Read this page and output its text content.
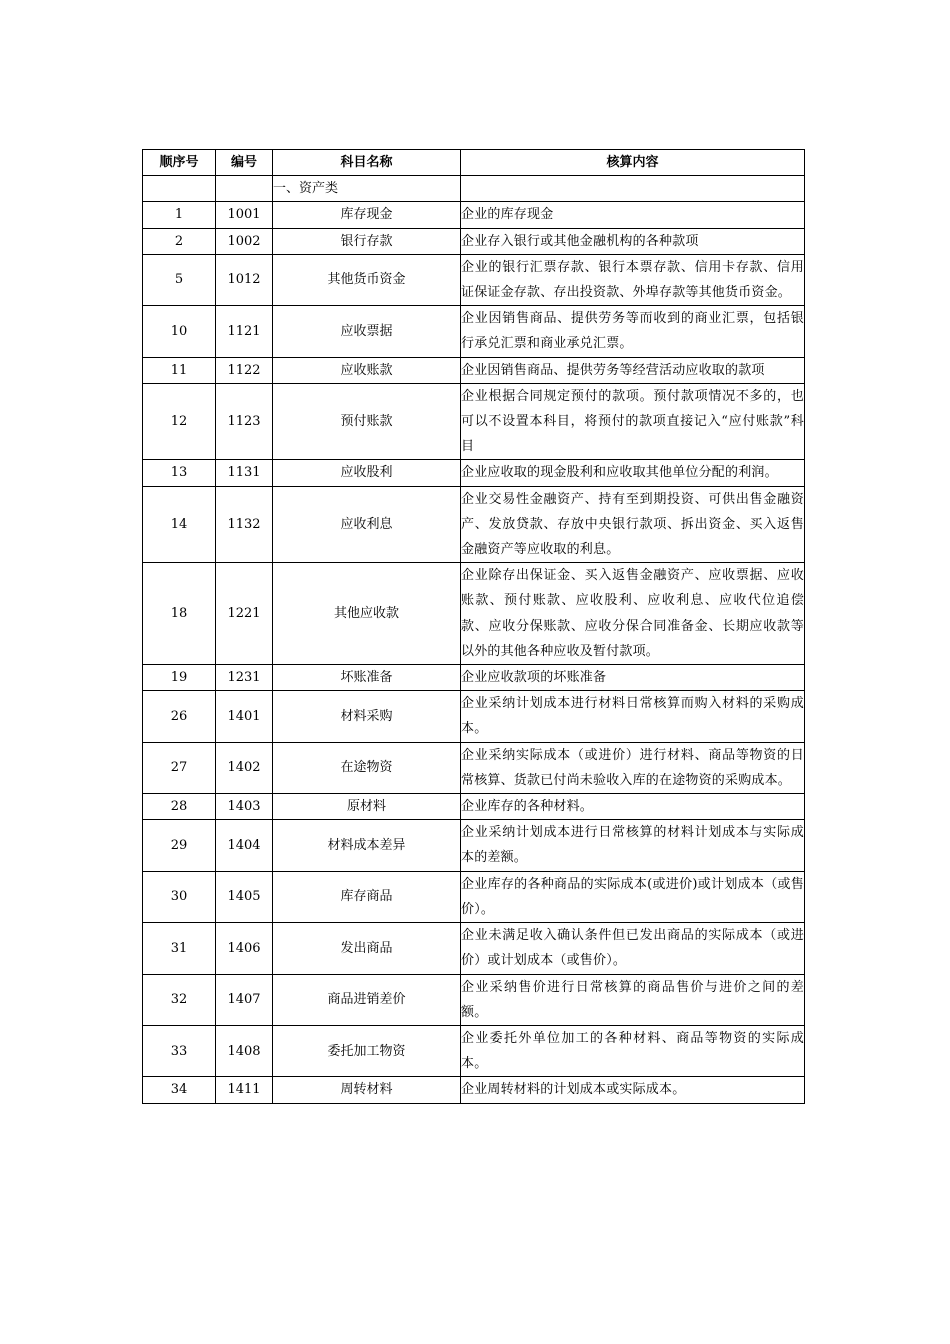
顺序号	编号	科目名称	核算内容
		一、资产类	
1	1001	库存现金	企业的库存现金
2	1002	银行存款	企业存入银行或其他金融机构的各种款项
5	1012	其他货币资金	企业的银行汇票存款、银行本票存款、信用卡存款、信用证保证金存款、存出投资款、外埠存款等其他货币资金。
10	1121	应收票据	企业因销售商品、提供劳务等而收到的商业汇票，包括银行承兑汇票和商业承兑汇票。
11	1122	应收账款	企业因销售商品、提供劳务等经营活动应收取的款项
12	1123	预付账款	企业根据合同规定预付的款项。预付款项情况不多的，也可以不设置本科目，将预付的款项直接记入“应付账款”科目
13	1131	应收股利	企业应收取的现金股利和应收取其他单位分配的利润。
14	1132	应收利息	企业交易性金融资产、持有至到期投资、可供出售金融资产、发放贷款、存放中央银行款项、拆出资金、买入返售金融资产等应收取的利息。
18	1221	其他应收款	企业除存出保证金、买入返售金融资产、应收票据、应收账款、预付账款、应收股利、应收利息、应收代位追偿款、应收分保账款、应收分保合同准备金、长期应收款等以外的其他各种应收及暂付款项。
19	1231	坏账准备	企业应收款项的坏账准备
26	1401	材料采购	企业采纳计划成本进行材料日常核算而购入材料的采购成本。
27	1402	在途物资	企业采纳实际成本（或进价）进行材料、商品等物资的日常核算、货款已付尚未验收入库的在途物资的采购成本。
28	1403	原材料	企业库存的各种材料。
29	1404	材料成本差异	企业采纳计划成本进行日常核算的材料计划成本与实际成本的差额。
30	1405	库存商品	企业库存的各种商品的实际成本(或进价)或计划成本（或售价）。
31	1406	发出商品	企业未满足收入确认条件但已发出商品的实际成本（或进价）或计划成本（或售价）。
32	1407	商品进销差价	企业采纳售价进行日常核算的商品售价与进价之间的差额。
33	1408	委托加工物资	企业委托外单位加工的各种材料、商品等物资的实际成本。
34	1411	周转材料	企业周转材料的计划成本或实际成本。
